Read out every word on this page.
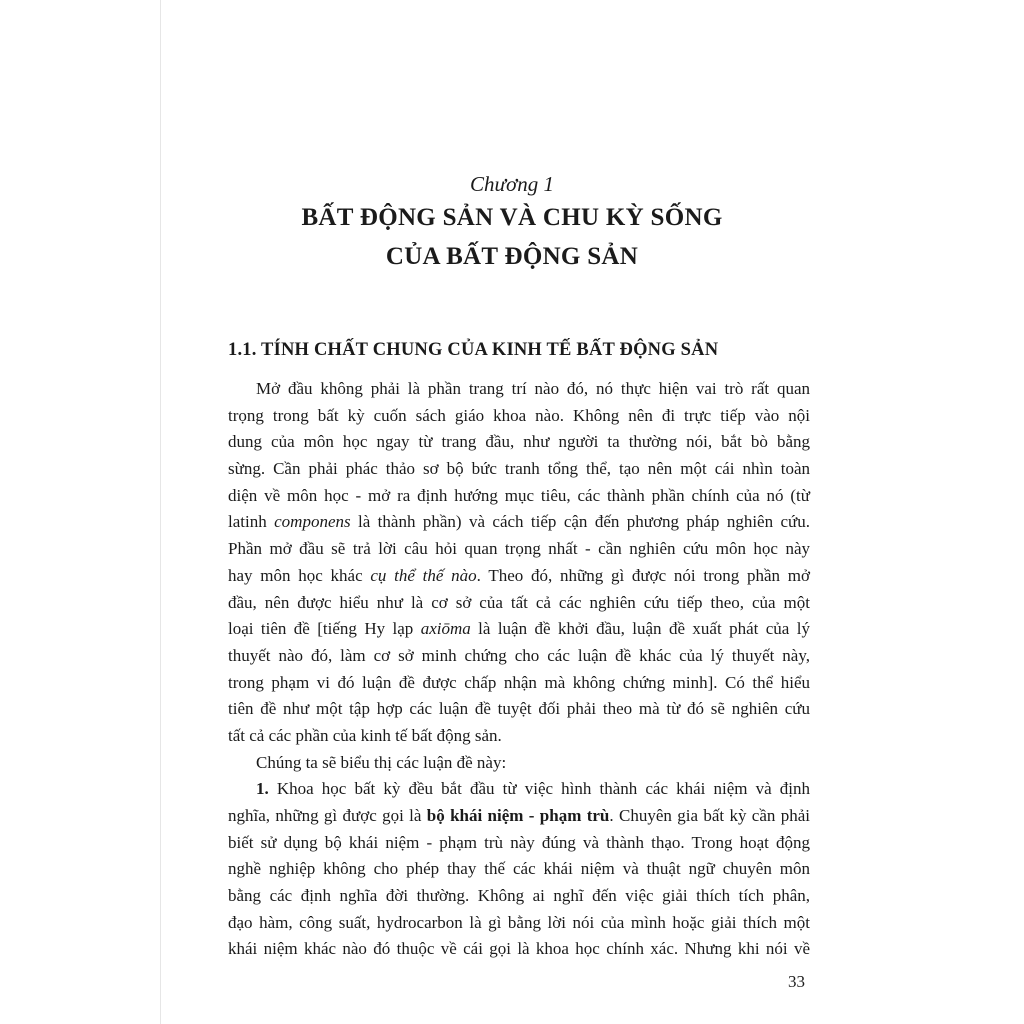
Chương 1
BẤT ĐỘNG SẢN VÀ CHU KỲ SỐNG
CỦA BẤT ĐỘNG SẢN
1.1. TÍNH CHẤT CHUNG CỦA KINH TẾ BẤT ĐỘNG SẢN
Mở đầu không phải là phần trang trí nào đó, nó thực hiện vai trò rất quan
trọng trong bất kỳ cuốn sách giáo khoa nào. Không nên đi trực tiếp vào nội
dung của môn học ngay từ trang đầu, như người ta thường nói, bắt bò bằng
sừng. Cần phải phác thảo sơ bộ bức tranh tổng thể, tạo nên một cái nhìn toàn
diện về môn học - mở ra định hướng mục tiêu, các thành phần chính của nó (từ
latinh componens là thành phần) và cách tiếp cận đến phương pháp nghiên cứu.
Phần mở đầu sẽ trả lời câu hỏi quan trọng nhất - cần nghiên cứu môn học này
hay môn học khác cụ thể thế nào. Theo đó, những gì được nói trong phần mở
đầu, nên được hiểu như là cơ sở của tất cả các nghiên cứu tiếp theo, của một
loại tiên đề [tiếng Hy lạp axiōma là luận đề khởi đầu, luận đề xuất phát của lý
thuyết nào đó, làm cơ sở minh chứng cho các luận đề khác của lý thuyết này,
trong phạm vi đó luận đề được chấp nhận mà không chứng minh]. Có thể hiểu
tiên đề như một tập hợp các luận đề tuyệt đối phải theo mà từ đó sẽ nghiên cứu
tất cả các phần của kinh tế bất động sản.
Chúng ta sẽ biểu thị các luận đề này:
1. Khoa học bất kỳ đều bắt đầu từ việc hình thành các khái niệm và định
nghĩa, những gì được gọi là bộ khái niệm - phạm trù. Chuyên gia bất kỳ cần phải
biết sử dụng bộ khái niệm - phạm trù này đúng và thành thạo. Trong hoạt động
nghề nghiệp không cho phép thay thế các khái niệm và thuật ngữ chuyên môn
bằng các định nghĩa đời thường. Không ai nghĩ đến việc giải thích tích phân,
đạo hàm, công suất, hydrocarbon là gì bằng lời nói của mình hoặc giải thích một
khái niệm khác nào đó thuộc về cái gọi là khoa học chính xác. Nhưng khi nói về
33
